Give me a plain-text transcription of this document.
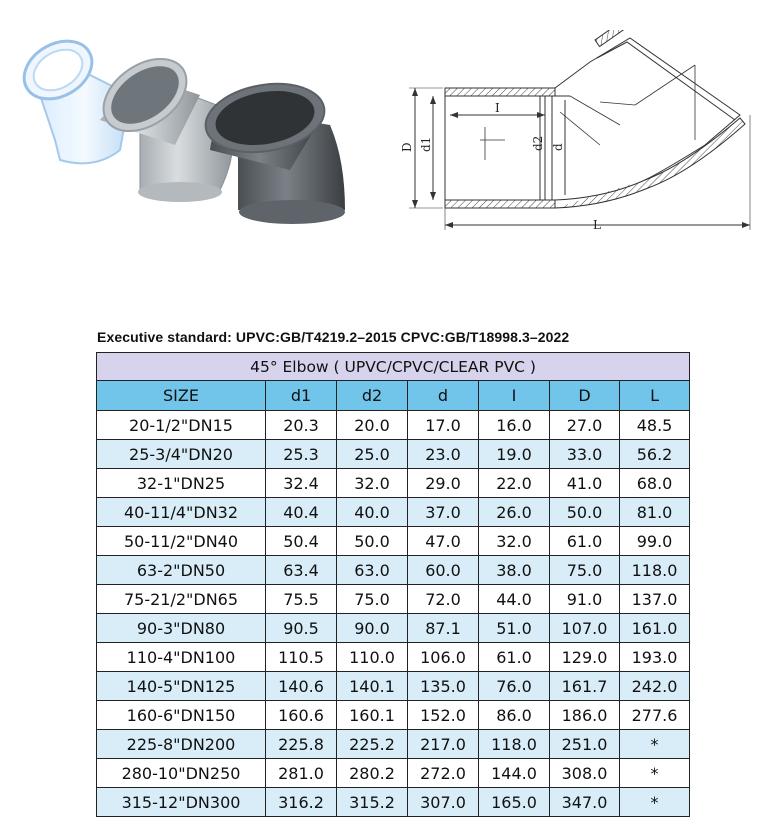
D d1
I
d2 d
L
Executive standard: UPVC:GB/T4219.2–2015 CPVC:GB/T18998.3–2022
45° Elbow ( UPVC/CPVC/CLEAR PVC )						
SIZE	d1	d2	d	I	D	L
20-1/2"DN15	20.3	20.0	17.0	16.0	27.0	48.5
25-3/4"DN20	25.3	25.0	23.0	19.0	33.0	56.2
32-1"DN25	32.4	32.0	29.0	22.0	41.0	68.0
40-11/4"DN32	40.4	40.0	37.0	26.0	50.0	81.0
50-11/2"DN40	50.4	50.0	47.0	32.0	61.0	99.0
63-2"DN50	63.4	63.0	60.0	38.0	75.0	118.0
75-21/2"DN65	75.5	75.0	72.0	44.0	91.0	137.0
90-3"DN80	90.5	90.0	87.1	51.0	107.0	161.0
110-4"DN100	110.5	110.0	106.0	61.0	129.0	193.0
140-5"DN125	140.6	140.1	135.0	76.0	161.7	242.0
160-6"DN150	160.6	160.1	152.0	86.0	186.0	277.6
225-8"DN200	225.8	225.2	217.0	118.0	251.0	*
280-10"DN250	281.0	280.2	272.0	144.0	308.0	*
315-12"DN300	316.2	315.2	307.0	165.0	347.0	*
